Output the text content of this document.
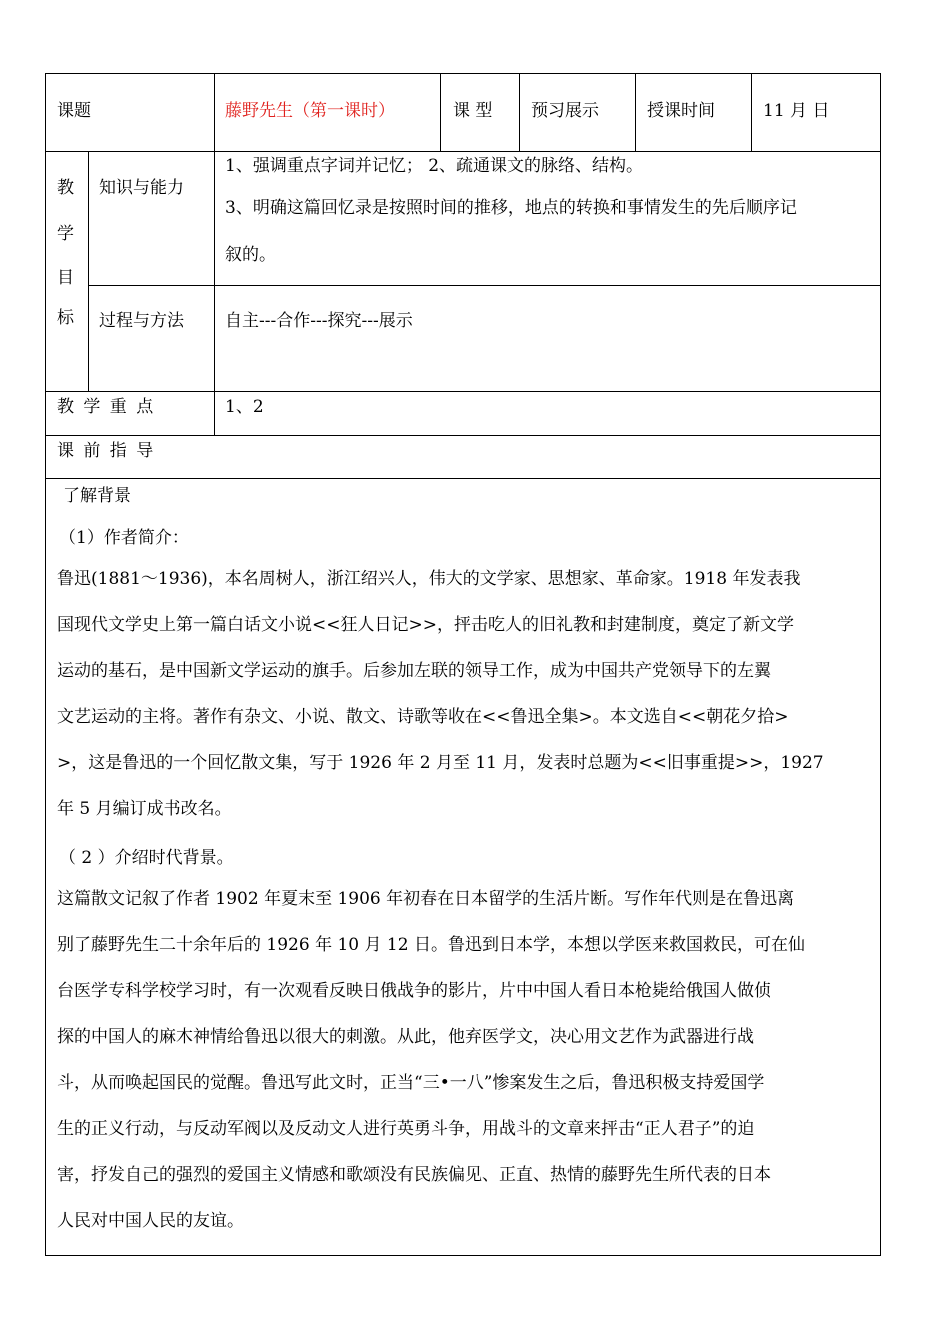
课题	藤野先生（第一课时）	课 型 预习展示	授课时间	11 月 日
教
学
目
标
知识与能力
1、强调重点字词并记忆； 2、疏通课文的脉络、结构。
3、明确这篇回忆录是按照时间的推移，地点的转换和事情发生的先后顺序记
叙的。
过程与方法 自主---合作---探究---展示
教 学 重 点	1、2
课 前 指 导
了解背景
（1）作者简介：
鲁迅(1881～1936)，本名周树人，浙江绍兴人，伟大的文学家、思想家、革命家。1918 年发表我
国现代文学史上第一篇白话文小说<<狂人日记>>，抨击吃人的旧礼教和封建制度，奠定了新文学
运动的基石，是中国新文学运动的旗手。后参加左联的领导工作，成为中国共产党领导下的左翼
文艺运动的主将。著作有杂文、小说、散文、诗歌等收在<<鲁迅全集>。本文选自<<朝花夕拾>
>，这是鲁迅的一个回忆散文集，写于 1926 年 2 月至 11 月，发表时总题为<<旧事重提>>，1927
年 5 月编订成书改名。
（ 2 ）介绍时代背景。
这篇散文记叙了作者 1902 年夏末至 1906 年初春在日本留学的生活片断。写作年代则是在鲁迅离
别了藤野先生二十余年后的 1926 年 10 月 12 日。鲁迅到日本学，本想以学医来救国救民，可在仙
台医学专科学校学习时，有一次观看反映日俄战争的影片，片中中国人看日本枪毙给俄国人做侦
探的中国人的麻木神情给鲁迅以很大的刺激。从此，他弃医学文，决心用文艺作为武器进行战
斗，从而唤起国民的觉醒。鲁迅写此文时，正当“三•一八”惨案发生之后，鲁迅积极支持爱国学
生的正义行动，与反动军阀以及反动文人进行英勇斗争，用战斗的文章来抨击“正人君子”的迫
害，抒发自己的强烈的爱国主义情感和歌颂没有民族偏见、正直、热情的藤野先生所代表的日本
人民对中国人民的友谊。
